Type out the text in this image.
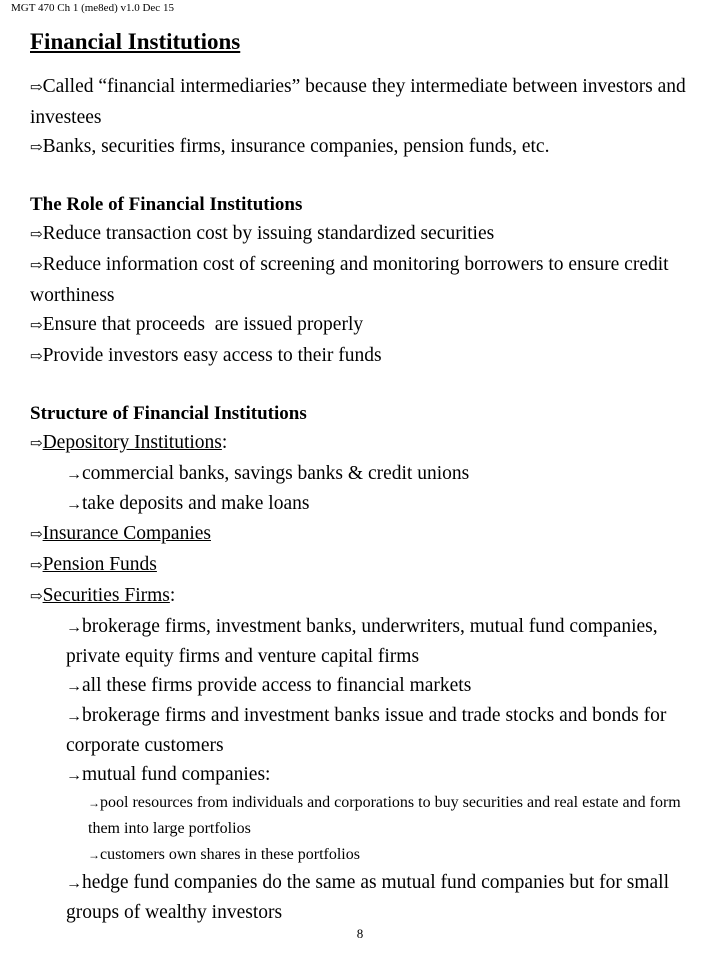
MGT 470 Ch 1 (me8ed) v1.0 Dec 15
Financial Institutions

⇨Called “financial intermediaries” because they intermediate between investors and investees

⇨Banks, securities firms, insurance companies, pension funds, etc.

The Role of Financial Institutions

⇨Reduce transaction cost by issuing standardized securities

⇨Reduce information cost of screening and monitoring borrowers to ensure credit worthiness

⇨Ensure that proceeds  are issued properly

⇨Provide investors easy access to their funds

Structure of Financial Institutions

⇨Depository Institutions:

→commercial banks, savings banks & credit unions

→take deposits and make loans

⇨Insurance Companies

⇨Pension Funds

⇨Securities Firms:

→brokerage firms, investment banks, underwriters, mutual fund companies, private equity firms and venture capital firms

→all these firms provide access to financial markets

→brokerage firms and investment banks issue and trade stocks and bonds for corporate customers

→mutual fund companies:

→pool resources from individuals and corporations to buy securities and real estate and form them into large portfolios

→customers own shares in these portfolios

→hedge fund companies do the same as mutual fund companies but for small groups of wealthy investors

8
